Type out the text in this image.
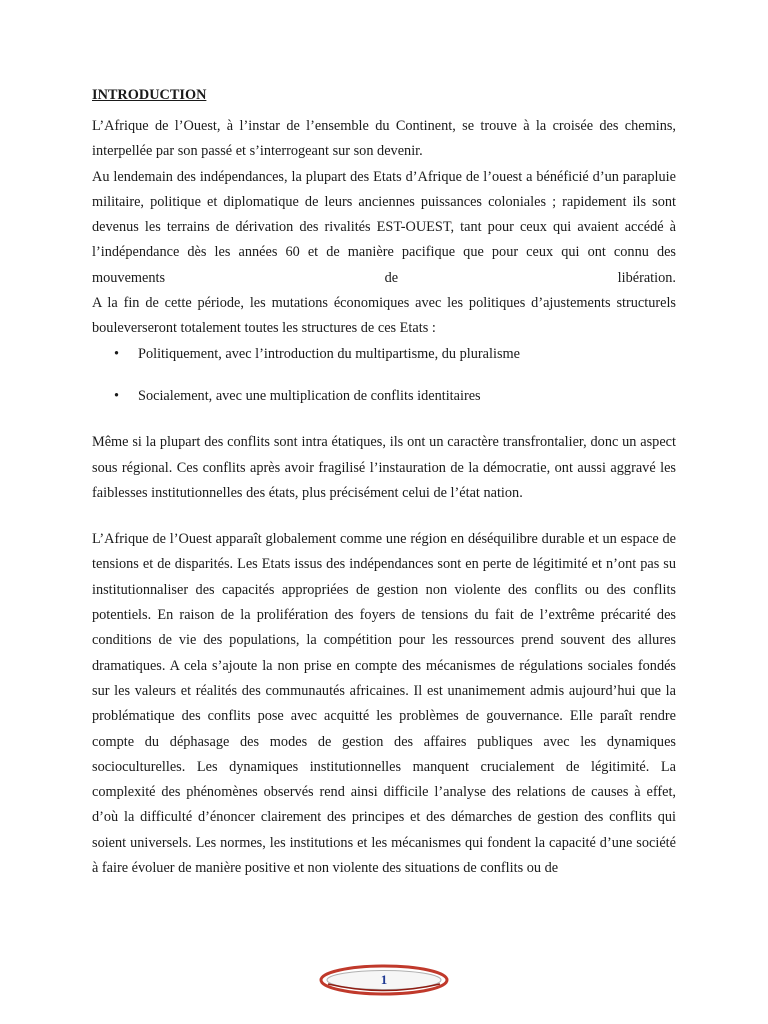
INTRODUCTION

L’Afrique de l’Ouest, à l’instar de l’ensemble du Continent, se trouve à la croisée des chemins, interpellée par son passé et s’interrogeant sur son devenir.

Au lendemain des indépendances, la plupart des Etats d’Afrique de l’ouest a bénéficié d’un parapluie militaire, politique et diplomatique de leurs anciennes puissances coloniales ; rapidement ils sont devenus les terrains de dérivation des rivalités EST-OUEST, tant pour ceux qui avaient accédé à l’indépendance dès les années 60 et de manière pacifique que pour ceux qui ont connu des mouvements de libération.

A la fin de cette période, les mutations économiques avec les politiques d’ajustements structurels bouleverseront totalement toutes les structures de ces Etats :

• Politiquement, avec l’introduction du multipartisme, du pluralisme
• Socialement, avec une multiplication de conflits identitaires

Même si la plupart des conflits sont intra étatiques, ils ont un caractère transfrontalier, donc un aspect sous régional. Ces conflits après avoir fragilisé l’instauration de la démocratie, ont aussi aggravé les faiblesses institutionnelles des états, plus précisément celui de l’état nation.

L’Afrique de l’Ouest apparaît globalement comme une région en déséquilibre durable et un espace de tensions et de disparités. Les Etats issus des indépendances sont en perte de légitimité et n’ont pas su institutionnaliser des capacités appropriées de gestion non violente des conflits ou des conflits potentiels. En raison de la prolifération des foyers de tensions du fait de l’extrême précarité des conditions de vie des populations, la compétition pour les ressources prend souvent des allures dramatiques. A cela s’ajoute la non prise en compte des mécanismes de régulations sociales fondés sur les valeurs et réalités des communautés africaines. Il est unanimement admis aujourd’hui que la problématique des conflits pose avec acquitté les problèmes de gouvernance. Elle paraît rendre compte du déphasage des modes de gestion des affaires publiques avec les dynamiques socioculturelles. Les dynamiques institutionnelles manquent crucialement de légitimité. La complexité des phénomènes observés rend ainsi difficile l’analyse des relations de causes à effet, d’où la difficulté d’énoncer clairement des principes et des démarches de gestion des conflits qui soient universels. Les normes, les institutions et les mécanismes qui fondent la capacité d’une société à faire évoluer de manière positive et non violente des situations de conflits ou de

1
